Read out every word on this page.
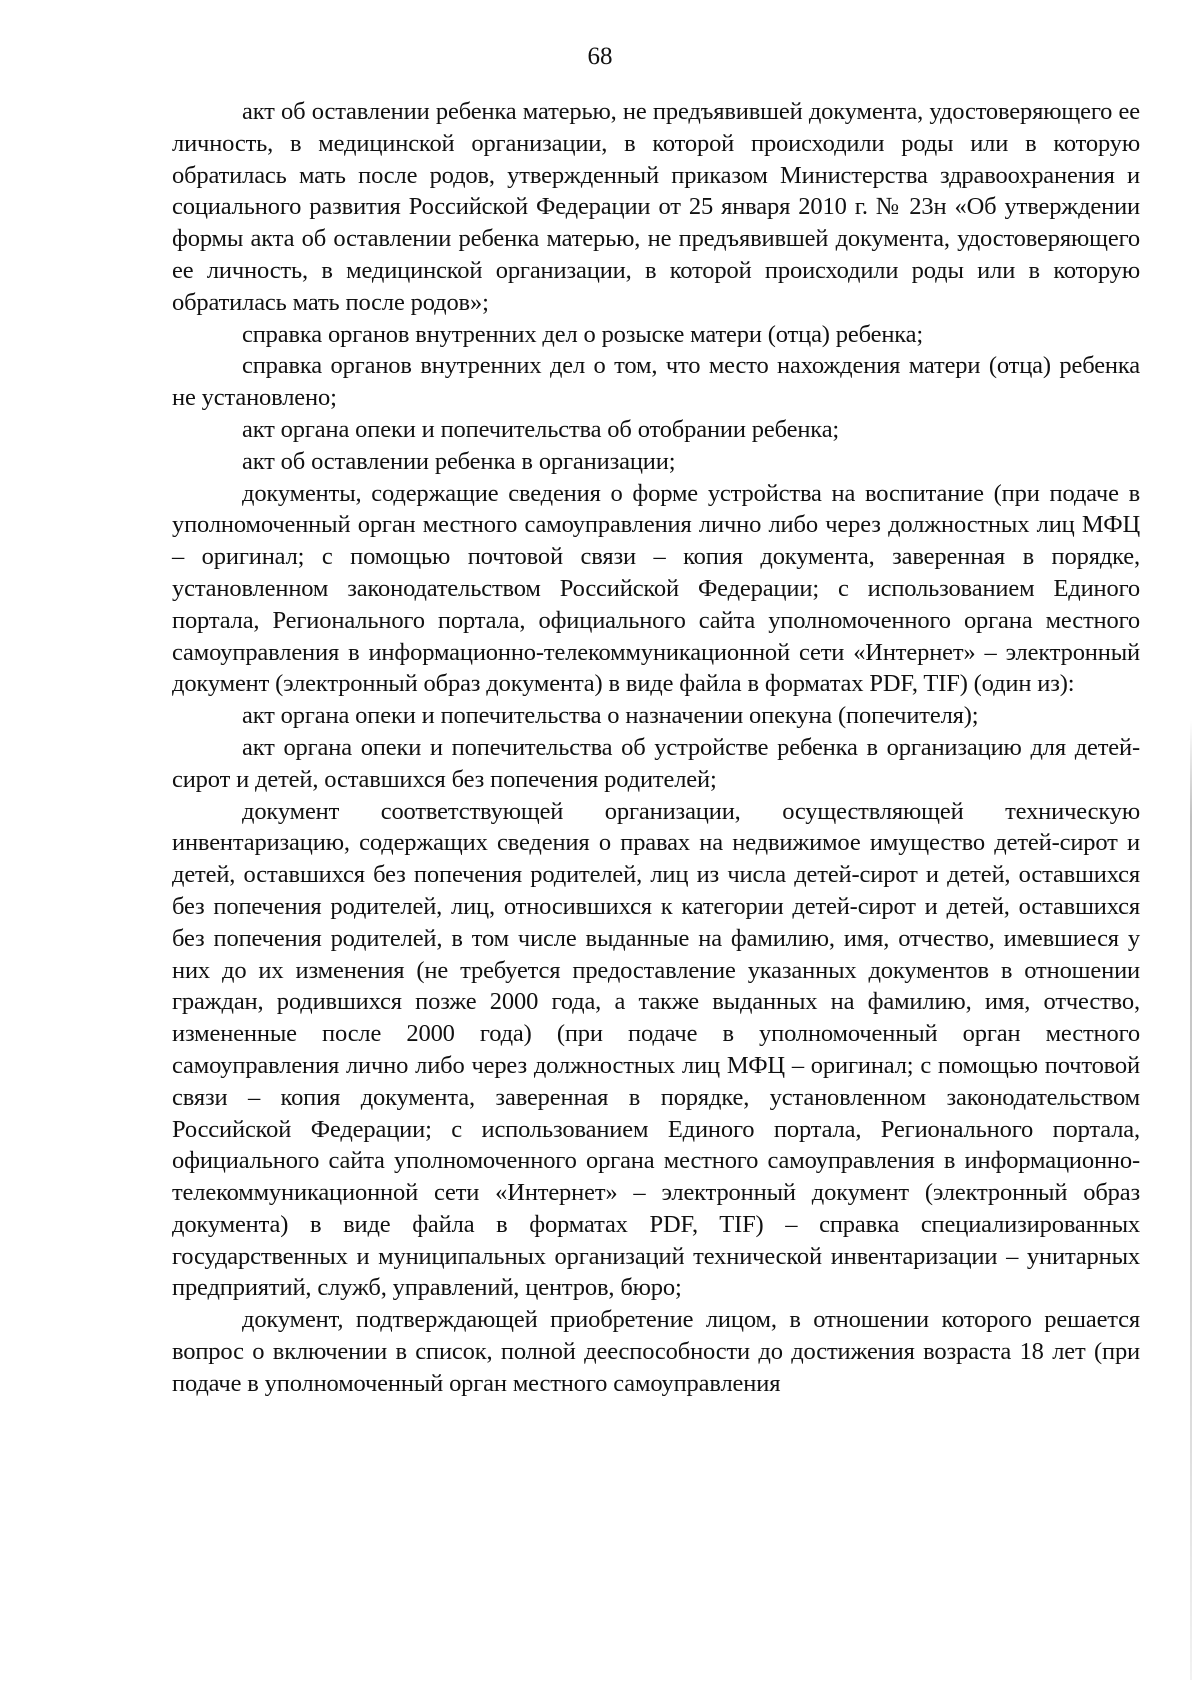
68

акт об оставлении ребенка матерью, не предъявившей документа, удостоверяющего ее личность, в медицинской организации, в которой происходили роды или в которую обратилась мать после родов, утвержденный приказом Министерства здравоохранения и социального развития Российской Федерации от 25 января 2010 г. № 23н «Об утверждении формы акта об оставлении ребенка матерью, не предъявившей документа, удостоверяющего ее личность, в медицинской организации, в которой происходили роды или в которую обратилась мать после родов»;

справка органов внутренних дел о розыске матери (отца) ребенка;

справка органов внутренних дел о том, что место нахождения матери (отца) ребенка не установлено;

акт органа опеки и попечительства об отобрании ребенка;

акт об оставлении ребенка в организации;

документы, содержащие сведения о форме устройства на воспитание (при подаче в уполномоченный орган местного самоуправления лично либо через должностных лиц МФЦ – оригинал; с помощью почтовой связи – копия документа, заверенная в порядке, установленном законодательством Российской Федерации; с использованием Единого портала, Регионального портала, официального сайта уполномоченного органа местного самоуправления в информационно-телекоммуникационной сети «Интернет» – электронный документ (электронный образ документа) в виде файла в форматах PDF, TIF) (один из):

акт органа опеки и попечительства о назначении опекуна (попечителя);

акт органа опеки и попечительства об устройстве ребенка в организацию для детей-сирот и детей, оставшихся без попечения родителей;

документ соответствующей организации, осуществляющей техническую инвентаризацию, содержащих сведения о правах на недвижимое имущество детей-сирот и детей, оставшихся без попечения родителей, лиц из числа детей-сирот и детей, оставшихся без попечения родителей, лиц, относившихся к категории детей-сирот и детей, оставшихся без попечения родителей, в том числе выданные на фамилию, имя, отчество, имевшиеся у них до их изменения (не требуется предоставление указанных документов в отношении граждан, родившихся позже 2000 года, а также выданных на фамилию, имя, отчество, измененные после 2000 года) (при подаче в уполномоченный орган местного самоуправления лично либо через должностных лиц МФЦ – оригинал; с помощью почтовой связи – копия документа, заверенная в порядке, установленном законодательством Российской Федерации; с использованием Единого портала, Регионального портала, официального сайта уполномоченного органа местного самоуправления в информационно-телекоммуникационной сети «Интернет» – электронный документ (электронный образ документа) в виде файла в форматах PDF, TIF) – справка специализированных государственных и муниципальных организаций технической инвентаризации – унитарных предприятий, служб, управлений, центров, бюро;

документ, подтверждающей приобретение лицом, в отношении которого решается вопрос о включении в список, полной дееспособности до достижения возраста 18 лет (при подаче в уполномоченный орган местного самоуправления
